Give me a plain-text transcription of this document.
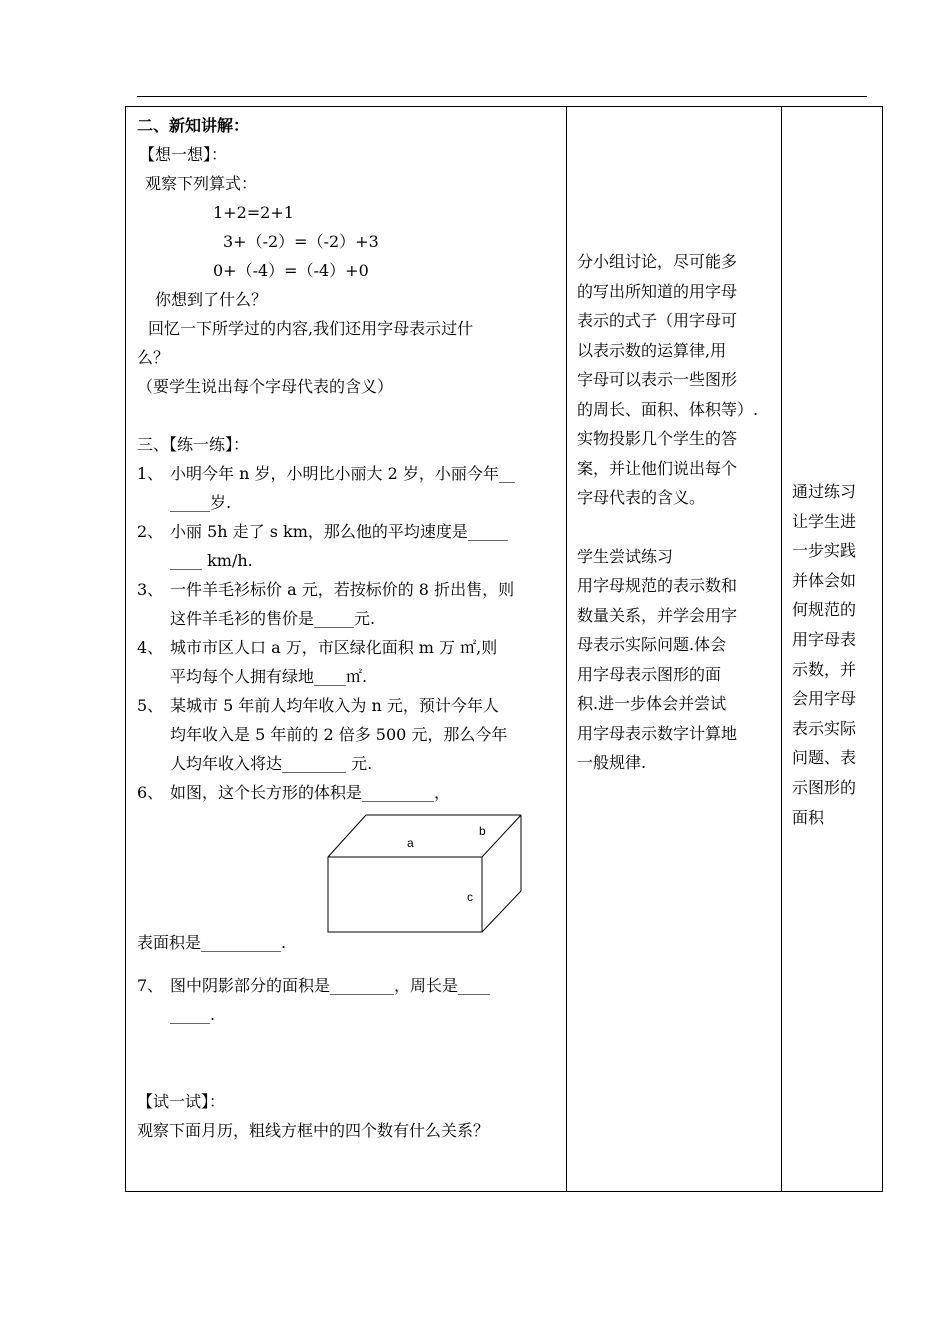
二、新知讲解：
【想一想】：
观察下列算式：
1+2=2+1
3+（-2）=（-2）+3
0+（-4）=（-4）+0
你想到了什么？
回忆一下所学过的内容,我们还用字母表示过什
么？
（要学生说出每个字母代表的含义）
三、【练一练】：
1、 小明今年 n 岁，小明比小丽大 2 岁，小丽今年__
_____岁.
2、 小丽 5h 走了 s km，那么他的平均速度是_____
____ km/h.
3、 一件羊毛衫标价 a 元，若按标价的 8 折出售，则
这件羊毛衫的售价是_____元.
4、 城市市区人口 a 万，市区绿化面积 m 万 ㎡,则
平均每个人拥有绿地____㎡.
5、 某城市 5 年前人均年收入为 n 元，预计今年人
均年收入是 5 年前的 2 倍多 500 元，那么今年
人均年收入将达________ 元.
6、 如图，这个长方形的体积是_________，
a
b
c
表面积是__________.
7、 图中阴影部分的面积是________，周长是____
_____.
【试一试】：
观察下面月历，粗线方框中的四个数有什么关系？
分小组讨论，尽可能多
的写出所知道的用字母
表示的式子（用字母可
以表示数的运算律,用
字母可以表示一些图形
的周长、面积、体积等）.
实物投影几个学生的答
案，并让他们说出每个
字母代表的含义。
学生尝试练习
用字母规范的表示数和
数量关系，并学会用字
母表示实际问题.体会
用字母表示图形的面
积.进一步体会并尝试
用字母表示数字计算地
一般规律.
通过练习
让学生进
一步实践
并体会如
何规范的
用字母表
示数，并
会用字母
表示实际
问题、表
示图形的
面积
